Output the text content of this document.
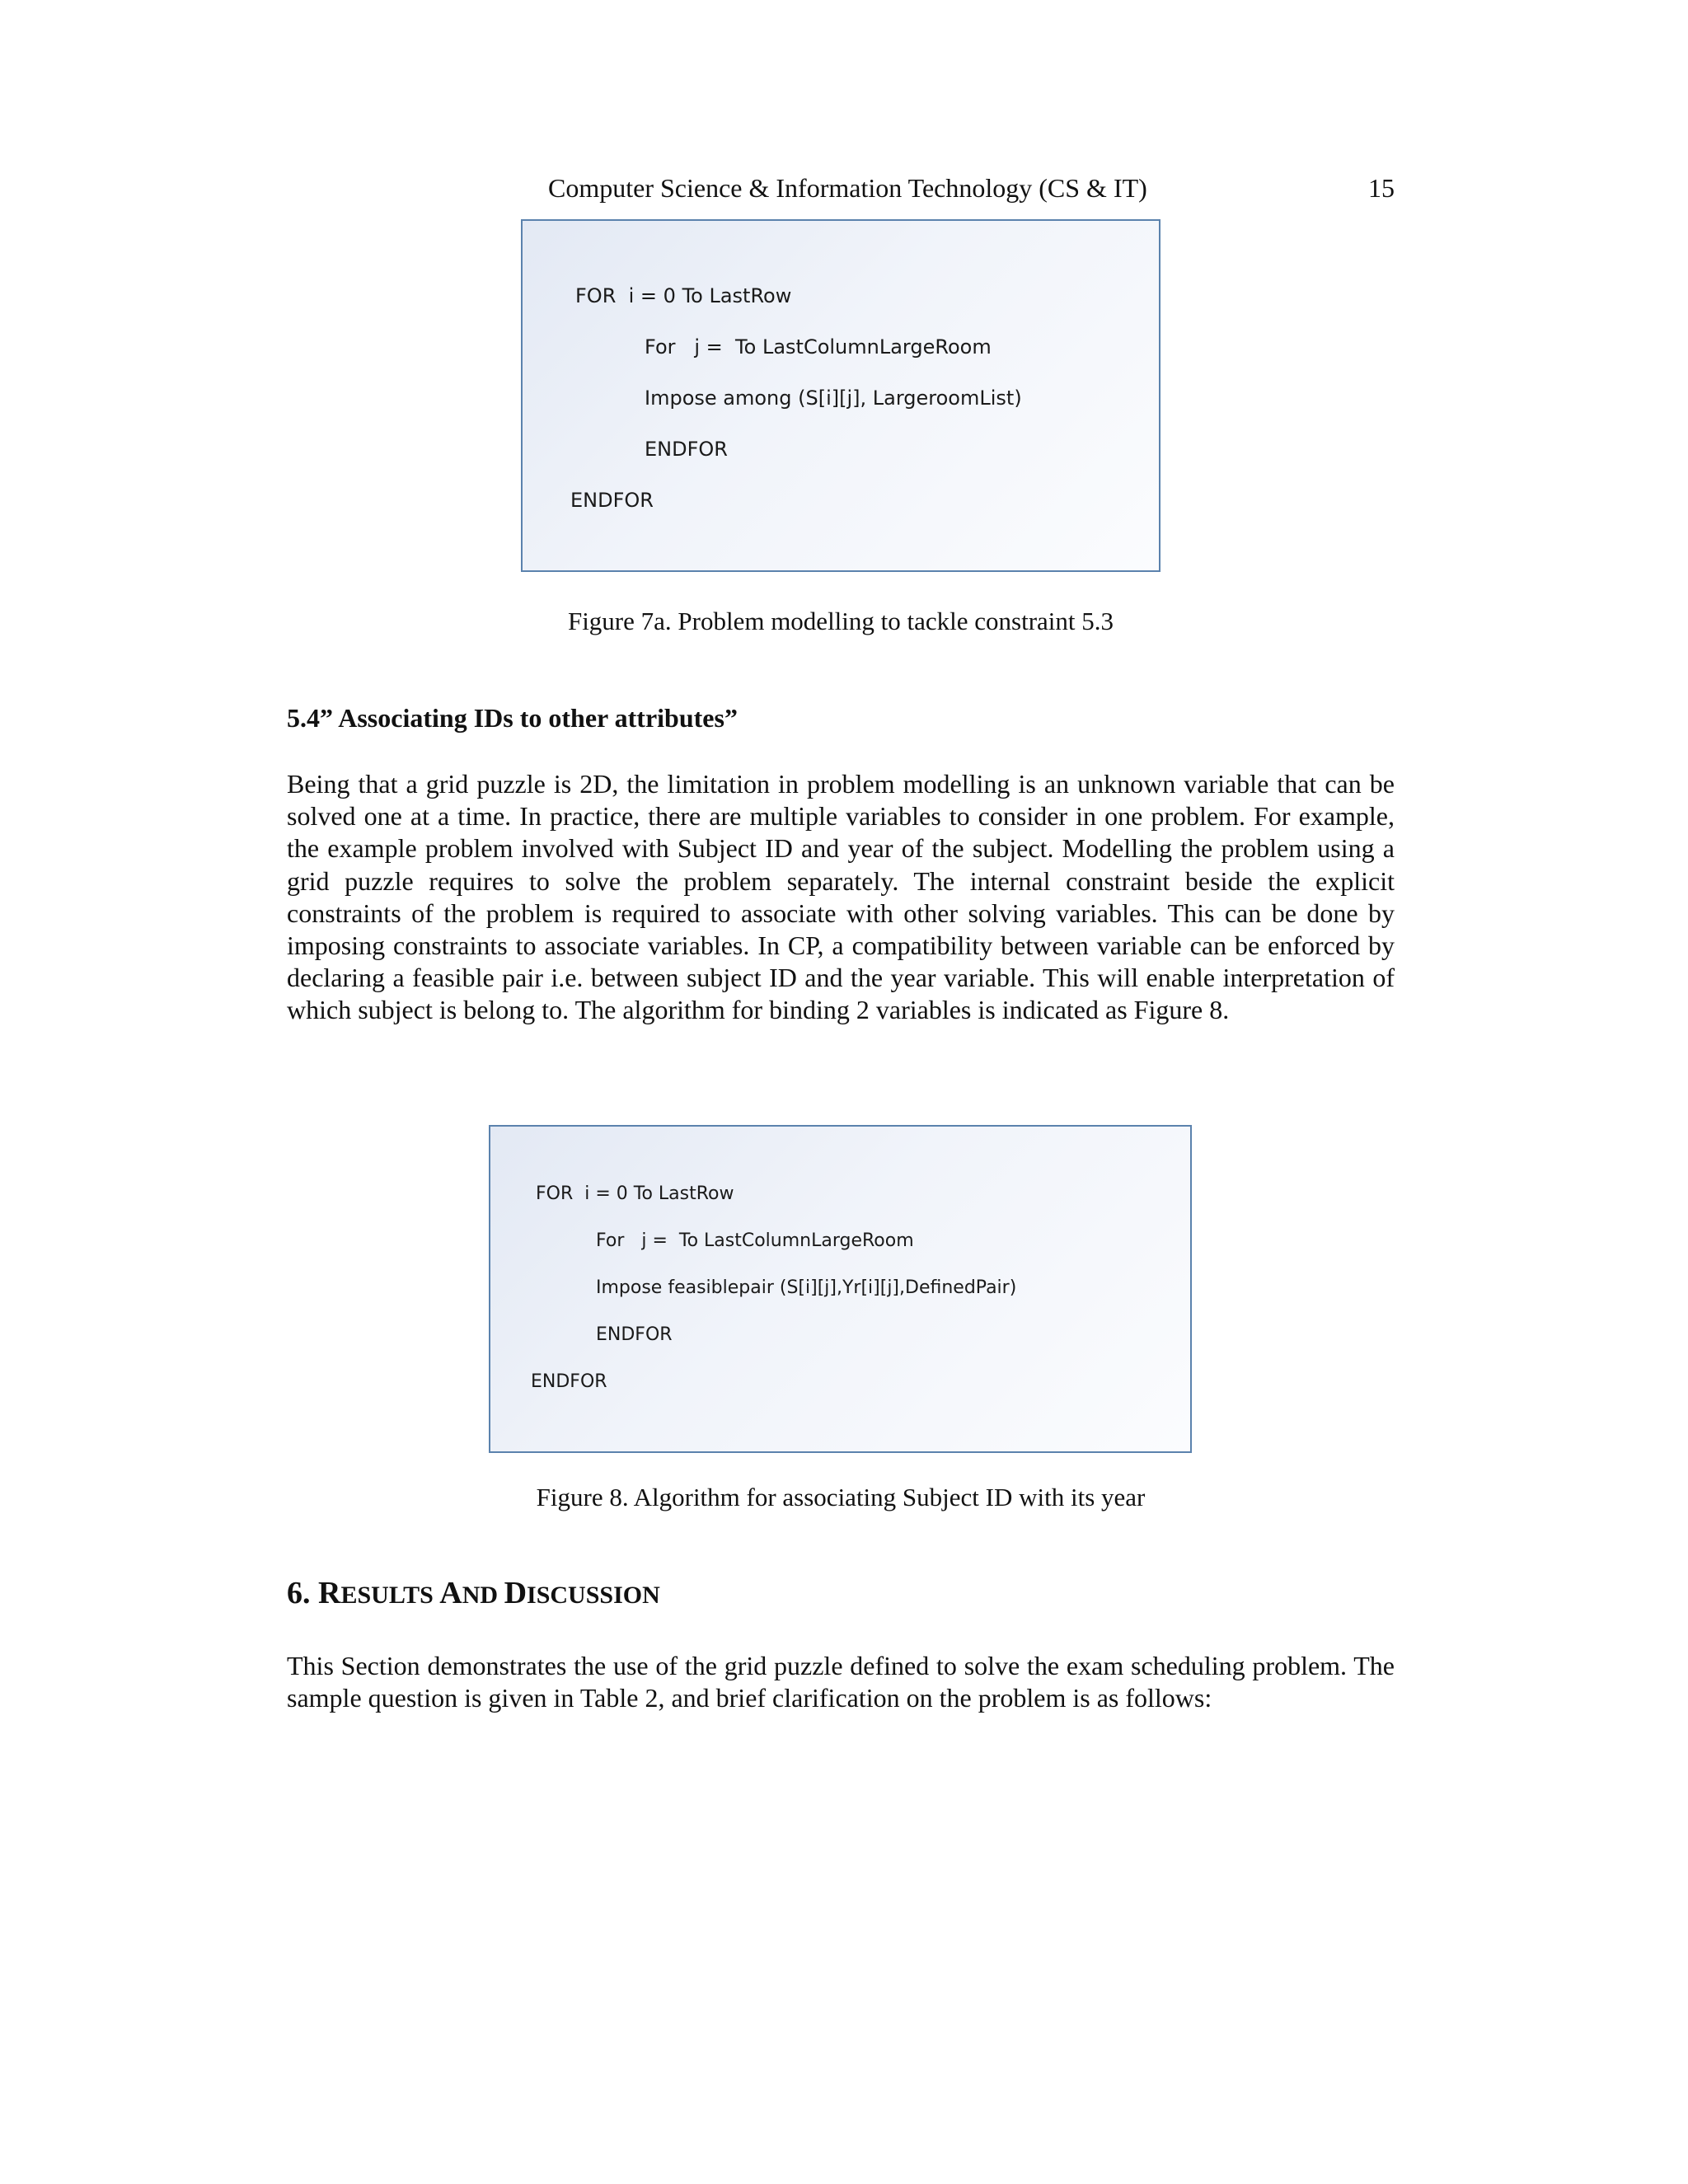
Computer Science & Information Technology (CS & IT)	15
FOR  i = 0 To LastRow
For   j =  To LastColumnLargeRoom
Impose among (S[i][j], LargeroomList)
ENDFOR
ENDFOR
Figure 7a. Problem modelling to tackle constraint 5.3
5.4” Associating IDs to other attributes”

Being that a grid puzzle is 2D, the limitation in problem modelling is an unknown variable that can be solved one at a time. In practice, there are multiple variables to consider in one problem. For example, the example problem involved with Subject ID and year of the subject. Modelling the problem using a grid puzzle requires to solve the problem separately. The internal constraint beside the explicit constraints of the problem is required to associate with other solving variables. This can be done by imposing constraints to associate variables. In CP, a compatibility between variable can be enforced by declaring a feasible pair i.e. between subject ID and the year variable. This will enable interpretation of which subject is belong to. The algorithm for binding 2 variables is indicated as Figure 8.

FOR  i = 0 To LastRow
For   j =  To LastColumnLargeRoom
Impose feasiblepair (S[i][j],Yr[i][j],DefinedPair)
ENDFOR
ENDFOR
Figure 8. Algorithm for associating Subject ID with its year
6. RESULTS AND DISCUSSION

This Section demonstrates the use of the grid puzzle defined to solve the exam scheduling problem. The sample question is given in Table 2, and brief clarification on the problem is as follows:
